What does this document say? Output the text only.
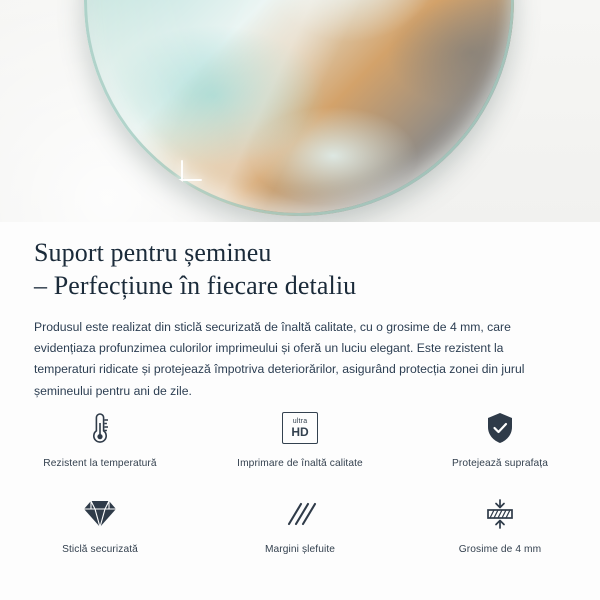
Suport pentru șemineu
– Perfecțiune în fiecare detaliu

Produsul este realizat din sticlă securizată de înaltă calitate, cu o grosime de 4 mm, care evidențiaza profunzimea culorilor imprimeului și oferă un luciu elegant. Este rezistent la temperaturi ridicate și protejează împotriva deteriorărilor, asigurând protecția zonei din jurul șemineului pentru ani de zile.

Rezistent la temperatură
ultra
HD
Imprimare de înaltă calitate	Protejează suprafața
Sticlă securizată	Margini șlefuite	Grosime de 4 mm
